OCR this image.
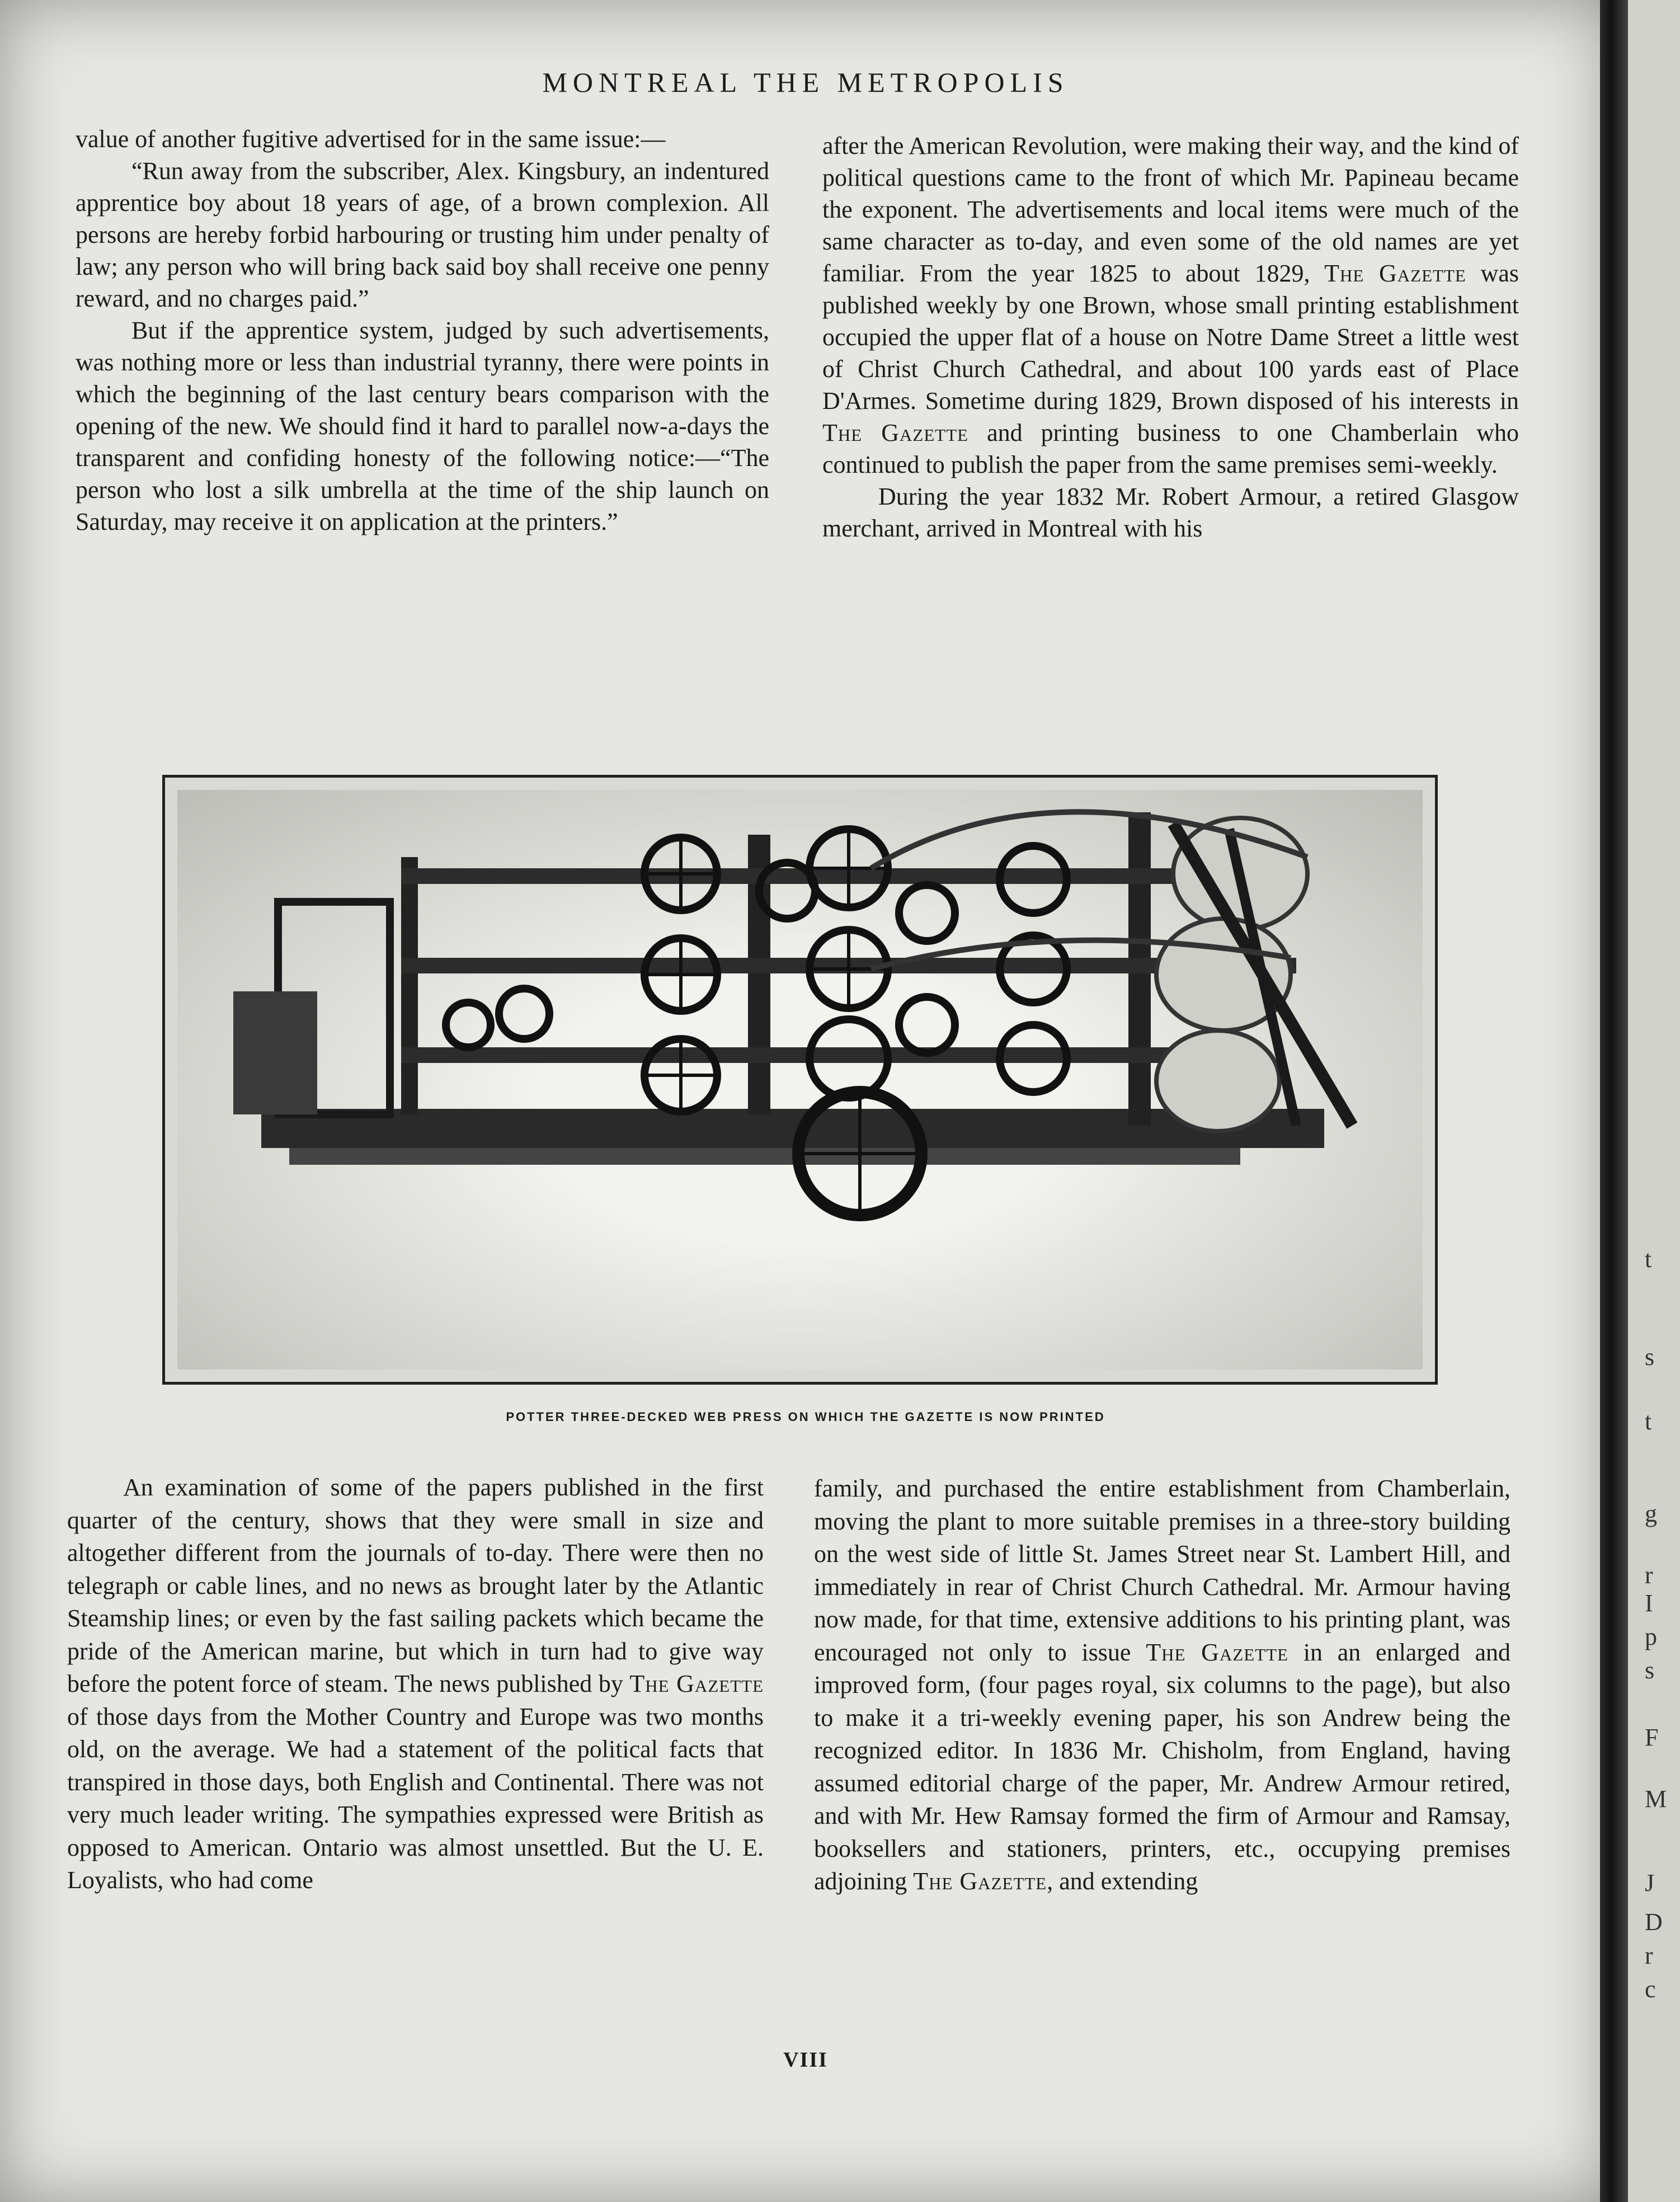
MONTREAL THE METROPOLIS

value of another fugitive advertised for in the same issue:—

“Run away from the subscriber, Alex. Kingsbury, an indentured apprentice boy about 18 years of age, of a brown complexion. All persons are hereby forbid harbouring or trusting him under penalty of law; any person who will bring back said boy shall receive one penny reward, and no charges paid.”

But if the apprentice system, judged by such advertisements, was nothing more or less than industrial tyranny, there were points in which the beginning of the last century bears comparison with the opening of the new. We should find it hard to parallel now-a-days the transparent and confiding honesty of the following notice:—“The person who lost a silk umbrella at the time of the ship launch on Saturday, may receive it on application at the printers.”

after the American Revolution, were making their way, and the kind of political questions came to the front of which Mr. Papineau became the exponent. The advertisements and local items were much of the same character as to-day, and even some of the old names are yet familiar. From the year 1825 to about 1829, The Gazette was published weekly by one Brown, whose small printing establishment occupied the upper flat of a house on Notre Dame Street a little west of Christ Church Cathedral, and about 100 yards east of Place D'Armes. Sometime during 1829, Brown disposed of his interests in The Gazette and printing business to one Chamberlain who continued to publish the paper from the same premises semi-weekly.

During the year 1832 Mr. Robert Armour, a retired Glasgow merchant, arrived in Montreal with his

POTTER THREE-DECKED WEB PRESS ON WHICH THE GAZETTE IS NOW PRINTED

An examination of some of the papers published in the first quarter of the century, shows that they were small in size and altogether different from the journals of to-day. There were then no telegraph or cable lines, and no news as brought later by the Atlantic Steamship lines; or even by the fast sailing packets which became the pride of the American marine, but which in turn had to give way before the potent force of steam. The news published by The Gazette of those days from the Mother Country and Europe was two months old, on the average. We had a statement of the political facts that transpired in those days, both English and Continental. There was not very much leader writing. The sympathies expressed were British as opposed to American. Ontario was almost unsettled. But the U. E. Loyalists, who had come

family, and purchased the entire establishment from Chamberlain, moving the plant to more suitable premises in a three-story building on the west side of little St. James Street near St. Lambert Hill, and immediately in rear of Christ Church Cathedral. Mr. Armour having now made, for that time, extensive additions to his printing plant, was encouraged not only to issue The Gazette in an enlarged and improved form, (four pages royal, six columns to the page), but also to make it a tri-weekly evening paper, his son Andrew being the recognized editor. In 1836 Mr. Chisholm, from England, having assumed editorial charge of the paper, Mr. Andrew Armour retired, and with Mr. Hew Ramsay formed the firm of Armour and Ramsay, booksellers and stationers, printers, etc., occupying premises adjoining The Gazette, and extending

VIII
t
s
t
g
r
I
p
s
F
M
J
D
r
c
